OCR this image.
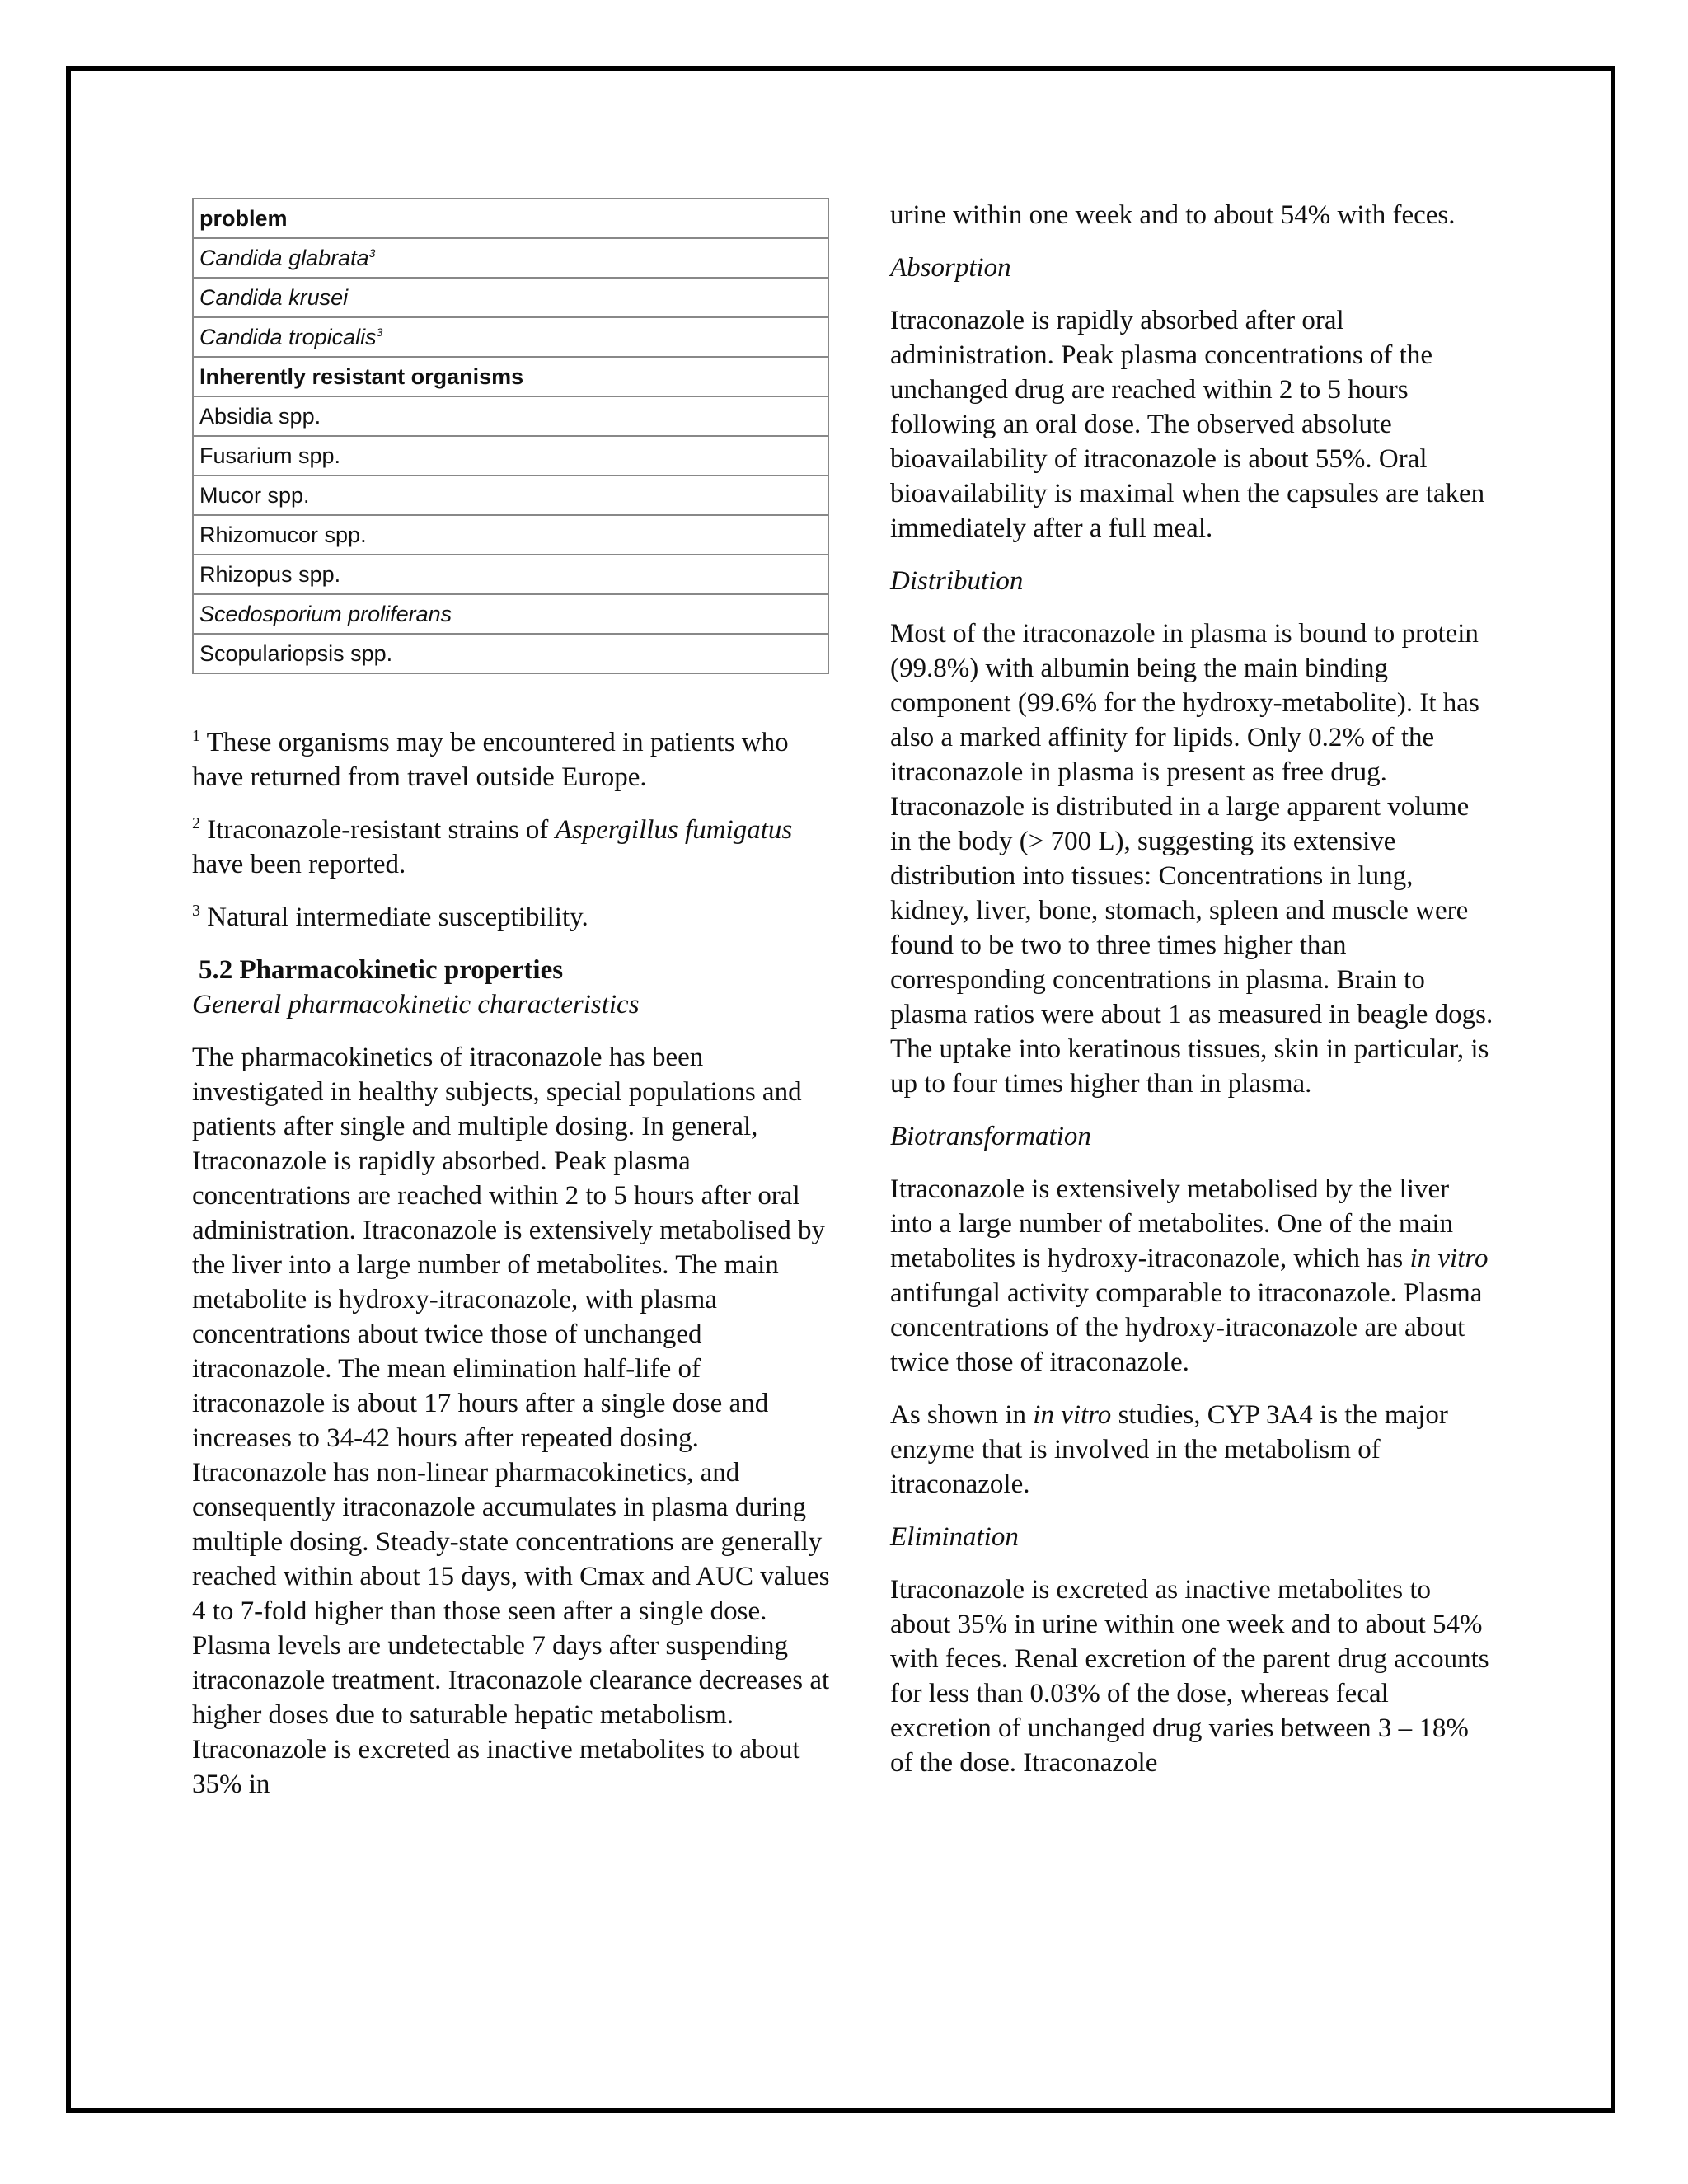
problem
Candida glabrata$^3$
Candida krusei
Candida tropicalis$^3$
Inherently resistant organisms
Absidia spp.
Fusarium spp.
Mucor spp.
Rhizomucor spp.
Rhizopus spp.
Scedosporium proliferans
Scopulariopsis spp.

$^1$ These organisms may be encountered in patients who have returned from travel outside Europe.

$^2$ Itraconazole-resistant strains of Aspergillus fumigatus have been reported.

$^3$ Natural intermediate susceptibility.

5.2 Pharmacokinetic properties
General pharmacokinetic characteristics

The pharmacokinetics of itraconazole has been investigated in healthy subjects, special populations and patients after single and multiple dosing. In general, Itraconazole is rapidly absorbed. Peak plasma concentrations are reached within 2 to 5 hours after oral administration. Itraconazole is extensively metabolised by the liver into a large number of metabolites. The main metabolite is hydroxy-itraconazole, with plasma concentrations about twice those of unchanged itraconazole. The mean elimination half-life of itraconazole is about 17 hours after a single dose and increases to 34-42 hours after repeated dosing. Itraconazole has non-linear pharmacokinetics, and consequently itraconazole accumulates in plasma during multiple dosing. Steady-state concentrations are generally reached within about 15 days, with Cmax and AUC values 4 to 7-fold higher than those seen after a single dose. Plasma levels are undetectable 7 days after suspending itraconazole treatment. Itraconazole clearance decreases at higher doses due to saturable hepatic metabolism. Itraconazole is excreted as inactive metabolites to about 35% in

urine within one week and to about 54% with feces.

Absorption

Itraconazole is rapidly absorbed after oral administration. Peak plasma concentrations of the unchanged drug are reached within 2 to 5 hours following an oral dose. The observed absolute bioavailability of itraconazole is about 55%. Oral bioavailability is maximal when the capsules are taken immediately after a full meal.

Distribution

Most of the itraconazole in plasma is bound to protein (99.8%) with albumin being the main binding component (99.6% for the hydroxy-metabolite). It has also a marked affinity for lipids. Only 0.2% of the itraconazole in plasma is present as free drug. Itraconazole is distributed in a large apparent volume in the body (> 700 L), suggesting its extensive distribution into tissues: Concentrations in lung, kidney, liver, bone, stomach, spleen and muscle were found to be two to three times higher than corresponding concentrations in plasma. Brain to plasma ratios were about 1 as measured in beagle dogs. The uptake into keratinous tissues, skin in particular, is up to four times higher than in plasma.

Biotransformation

Itraconazole is extensively metabolised by the liver into a large number of metabolites. One of the main metabolites is hydroxy-itraconazole, which has in vitro antifungal activity comparable to itraconazole. Plasma concentrations of the hydroxy-itraconazole are about twice those of itraconazole.

As shown in in vitro studies, CYP 3A4 is the major enzyme that is involved in the metabolism of itraconazole.

Elimination

Itraconazole is excreted as inactive metabolites to about 35% in urine within one week and to about 54% with feces. Renal excretion of the parent drug accounts for less than 0.03% of the dose, whereas fecal excretion of unchanged drug varies between 3 – 18% of the dose. Itraconazole
